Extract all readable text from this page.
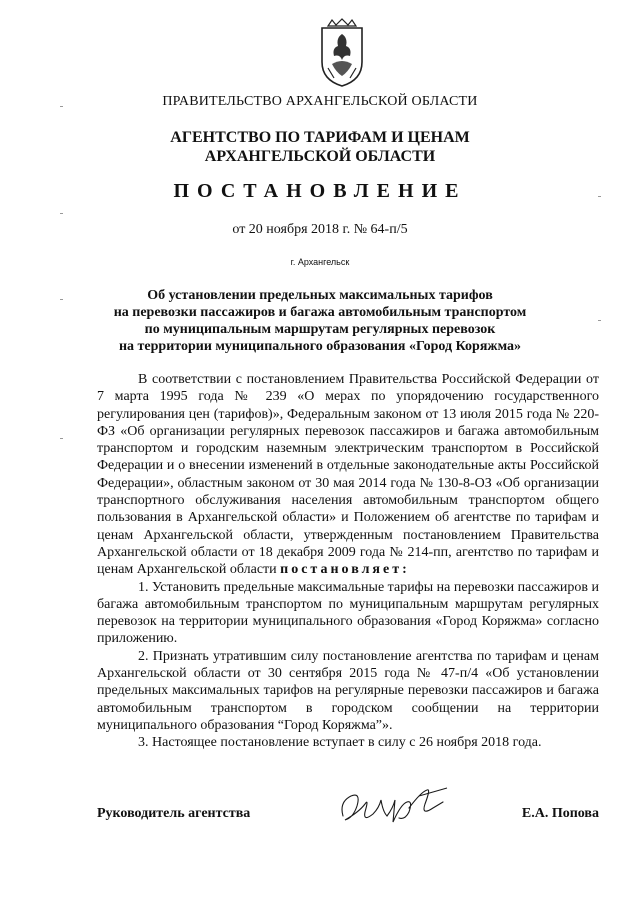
ПРАВИТЕЛЬСТВО АРХАНГЕЛЬСКОЙ ОБЛАСТИ
АГЕНТСТВО ПО ТАРИФАМ И ЦЕНАМ
АРХАНГЕЛЬСКОЙ ОБЛАСТИ
ПОСТАНОВЛЕНИЕ
от 20 ноября 2018 г. № 64-п/5
г. Архангельск
Об установлении предельных максимальных тарифов
на перевозки пассажиров и багажа автомобильным транспортом
по муниципальным маршрутам регулярных перевозок
на территории муниципального образования «Город Коряжма»

В соответствии с постановлением Правительства Российской Федерации от 7 марта 1995 года № 239 «О мерах по упорядочению государственного регулирования цен (тарифов)», Федеральным законом от 13 июля 2015 года № 220-ФЗ «Об организации регулярных перевозок пассажиров и багажа автомобильным транспортом и городским наземным электрическим транспортом в Российской Федерации и о внесении изменений в отдельные законодательные акты Российской Федерации», областным законом от 30 мая 2014 года № 130-8-ОЗ «Об организации транспортного обслуживания населения автомобильным транспортом общего пользования в Архангельской области» и Положением об агентстве по тарифам и ценам Архангельской области, утвержденным постановлением Правительства Архангельской области от 18 декабря 2009 года № 214-пп, агентство по тарифам и ценам Архангельской области постановляет:

1. Установить предельные максимальные тарифы на перевозки пассажиров и багажа автомобильным транспортом по муниципальным маршрутам регулярных перевозок на территории муниципального образования «Город Коряжма» согласно приложению.

2. Признать утратившим силу постановление агентства по тарифам и ценам Архангельской области от 30 сентября 2015 года № 47-п/4 «Об установлении предельных максимальных тарифов на регулярные перевозки пассажиров и багажа автомобильным транспортом в городском сообщении на территории муниципального образования “Город Коряжма”».

3. Настоящее постановление вступает в силу с 26 ноября 2018 года.

Руководитель агентства	Е.А. Попова
